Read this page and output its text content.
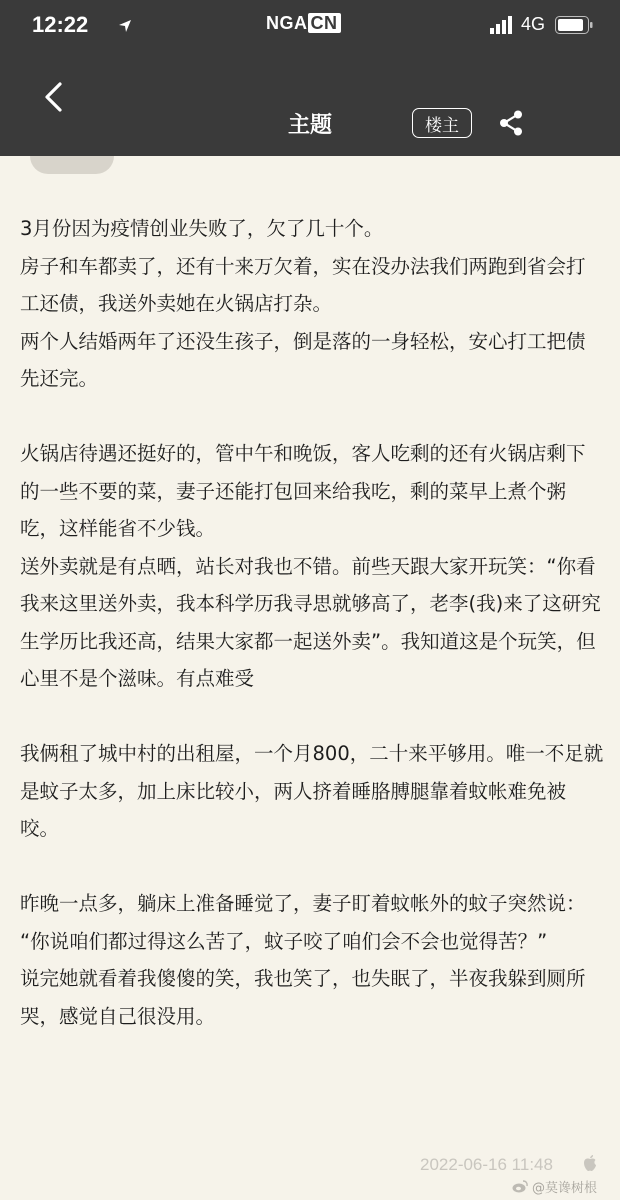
12:22	NGA CN	4G
主题	楼主

3月份因为疫情创业失败了，欠了几十个。

房子和车都卖了，还有十来万欠着，实在没办法我们两跑到省会打工还债，我送外卖她在火锅店打杂。

两个人结婚两年了还没生孩子，倒是落的一身轻松，安心打工把债先还完。

火锅店待遇还挺好的，管中午和晚饭，客人吃剩的还有火锅店剩下的一些不要的菜，妻子还能打包回来给我吃，剩的菜早上煮个粥吃，这样能省不少钱。

送外卖就是有点晒，站长对我也不错。前些天跟大家开玩笑：“你看我来这里送外卖，我本科学历我寻思就够高了，老李(我)来了这研究生学历比我还高，结果大家都一起送外卖”。我知道这是个玩笑，但心里不是个滋味。有点难受

我俩租了城中村的出租屋，一个月800，二十来平够用。唯一不足就是蚊子太多，加上床比较小，两人挤着睡胳膊腿靠着蚊帐难免被咬。

昨晚一点多，躺床上准备睡觉了，妻子盯着蚊帐外的蚊子突然说：

“你说咱们都过得这么苦了，蚊子咬了咱们会不会也觉得苦？”

说完她就看着我傻傻的笑，我也笑了，也失眠了，半夜我躲到厕所哭，感觉自己很没用。

2022-06-16 11:48
@莫谗树根
